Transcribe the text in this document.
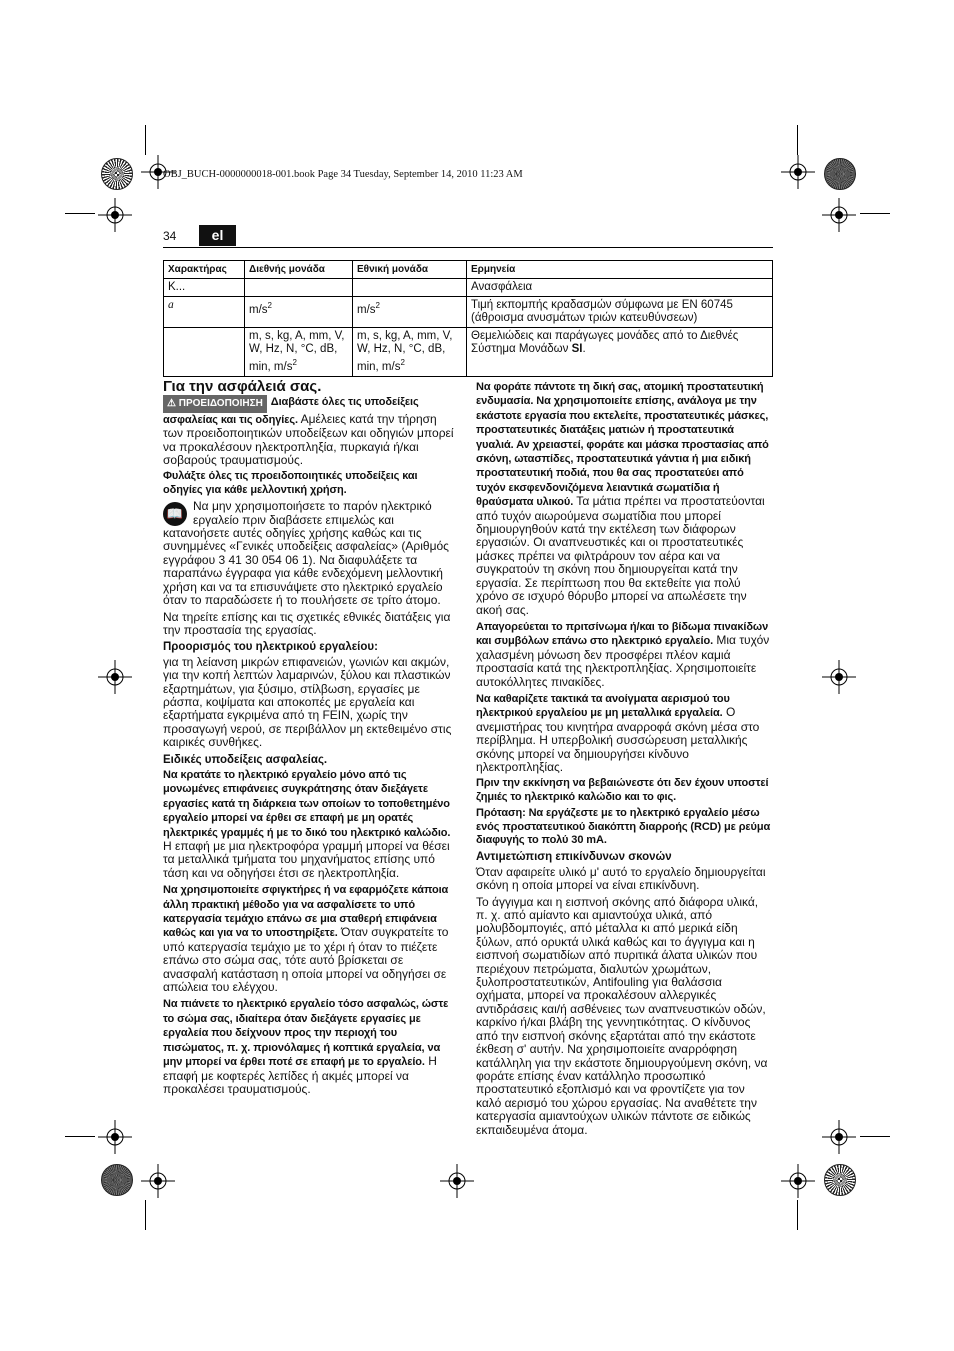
OBJ_BUCH-0000000018-001.book Page 34 Tuesday, September 14, 2010 11:23 AM
34	el
Χαρακτήρας	Διεθνής μονάδα	Εθνική μονάδα	Ερμηνεία
K...			Ανασφάλεια
a	$m/s^2$	$m/s^2$	Τιμή εκπομπής κραδασμών σύμφωνα με EN 60745 (άθροισμα ανυσμάτων τριών κατευθύνσεων)
	m, s, kg, A, mm, V, W, Hz, N, °C, dB, min, $m/s^2$	m, s, kg, A, mm, V, W, Hz, N, °C, dB, min, $m/s^2$	Θεμελιώδεις και παράγωγες μονάδες από το Διεθνές Σύστημα Μονάδων SI.
Για την ασφάλειά σας.

⚠ ΠΡΟΕΙΔΟΠΟΙΗΣΗ Διαβάστε όλες τις υποδείξεις ασφαλείας και τις οδηγίες. Αμέλειες κατά την τήρηση των προειδοποιητικών υποδείξεων και οδηγιών μπορεί να προκαλέσουν ηλεκτροπληξία, πυρκαγιά ή/και σοβαρούς τραυματισμούς.

Φυλάξτε όλες τις προειδοποιητικές υποδείξεις και οδηγίες για κάθε μελλοντική χρήση.

📖 Να μην χρησιμοποιήσετε το παρόν ηλεκτρικό εργαλείο πριν διαβάσετε επιμελώς και κατανοήσετε αυτές οδηγίες χρήσης καθώς και τις συνημμένες «Γενικές υποδείξεις ασφαλείας» (Αριθμός εγγράφου 3 41 30 054 06 1). Να διαφυλάξετε τα παραπάνω έγγραφα για κάθε ενδεχόμενη μελλοντική χρήση και να τα επισυνάψετε στο ηλεκτρικό εργαλείο όταν το παραδώσετε ή το πουλήσετε σε τρίτο άτομο.

Να τηρείτε επίσης και τις σχετικές εθνικές διατάξεις για την προστασία της εργασίας.

Προορισμός του ηλεκτρικού εργαλείου:

για τη λείανση μικρών επιφανειών, γωνιών και ακμών, για την κοπή λεπτών λαμαρινών, ξύλου και πλαστικών εξαρτημάτων, για ξύσιμο, στίλβωση, εργασίες με ράσπα, κοψίματα και αποκοπές με εργαλεία και εξαρτήματα εγκριμένα από τη FEIN, χωρίς την προσαγωγή νερού, σε περιβάλλον μη εκτεθειμένο στις καιρικές συνθήκες.

Ειδικές υποδείξεις ασφαλείας.

Να κρατάτε το ηλεκτρικό εργαλείο μόνο από τις μονωμένες επιφάνειες συγκράτησης όταν διεξάγετε εργασίες κατά τη διάρκεια των οποίων το τοποθετημένο εργαλείο μπορεί να έρθει σε επαφή με μη ορατές ηλεκτρικές γραμμές ή με το δικό του ηλεκτρικό καλώδιο. Η επαφή με μια ηλεκτροφόρα γραμμή μπορεί να θέσει τα μεταλλικά τμήματα του μηχανήματος επίσης υπό τάση και να οδηγήσει έτσι σε ηλεκτροπληξία.

Να χρησιμοποιείτε σφιγκτήρες ή να εφαρμόζετε κάποια άλλη πρακτική μέθοδο για να ασφαλίσετε το υπό κατεργασία τεμάχιο επάνω σε μια σταθερή επιφάνεια καθώς και για να το υποστηρίξετε. Όταν συγκρατείτε το υπό κατεργασία τεμάχιο με το χέρι ή όταν το πιέζετε επάνω στο σώμα σας, τότε αυτό βρίσκεται σε ανασφαλή κατάσταση η οποία μπορεί να οδηγήσει σε απώλεια του ελέγχου.

Να πιάνετε το ηλεκτρικό εργαλείο τόσο ασφαλώς, ώστε το σώμα σας, ιδιαίτερα όταν διεξάγετε εργασίες με εργαλεία που δείχνουν προς την περιοχή του πισώματος, π. χ. πριονόλαμες ή κοπτικά εργαλεία, να μην μπορεί να έρθει ποτέ σε επαφή με το εργαλείο. Η επαφή με κοφτερές λεπίδες ή ακμές μπορεί να προκαλέσει τραυματισμούς.

Να φοράτε πάντοτε τη δική σας, ατομική προστατευτική ενδυμασία. Να χρησιμοποιείτε επίσης, ανάλογα με την εκάστοτε εργασία που εκτελείτε, προστατευτικές μάσκες, προστατευτικές διατάξεις ματιών ή προστατευτικά γυαλιά. Αν χρειαστεί, φοράτε και μάσκα προστασίας από σκόνη, ωτασπίδες, προστατευτικά γάντια ή μια ειδική προστατευτική ποδιά, που θα σας προστατεύει από τυχόν εκσφενδονιζόμενα λειαντικά σωματίδια ή θραύσματα υλικού. Τα μάτια πρέπει να προστατεύονται από τυχόν αιωρούμενα σωματίδια που μπορεί δημιουργηθούν κατά την εκτέλεση των διάφορων εργασιών. Οι αναπνευστικές και οι προστατευτικές μάσκες πρέπει να φιλτράρουν τον αέρα και να συγκρατούν τη σκόνη που δημιουργείται κατά την εργασία. Σε περίπτωση που θα εκτεθείτε για πολύ χρόνο σε ισχυρό θόρυβο μπορεί να απωλέσετε την ακοή σας.

Απαγορεύεται το πριτσίνωμα ή/και το βίδωμα πινακίδων και συμβόλων επάνω στο ηλεκτρικό εργαλείο. Μια τυχόν χαλασμένη μόνωση δεν προσφέρει πλέον καμιά προστασία κατά της ηλεκτροπληξίας. Χρησιμοποιείτε αυτοκόλλητες πινακίδες.

Να καθαρίζετε τακτικά τα ανοίγματα αερισμού του ηλεκτρικού εργαλείου με μη μεταλλικά εργαλεία. Ο ανεμιστήρας του κινητήρα αναρροφά σκόνη μέσα στο περίβλημα. Η υπερβολική συσσώρευση μεταλλικής σκόνης μπορεί να δημιουργήσει κίνδυνο ηλεκτροπληξίας.

Πριν την εκκίνηση να βεβαιώνεστε ότι δεν έχουν υποστεί ζημιές το ηλεκτρικό καλώδιο και το φις.

Πρόταση: Να εργάζεστε με το ηλεκτρικό εργαλείο μέσω ενός προστατευτικού διακόπτη διαρροής (RCD) με ρεύμα διαφυγής το πολύ 30 mA.

Αντιμετώπιση επικίνδυνων σκονών

Όταν αφαιρείτε υλικό μ' αυτό το εργαλείο δημιουργείται σκόνη η οποία μπορεί να είναι επικίνδυνη.

Το άγγιγμα και η εισπνοή σκόνης από διάφορα υλικά, π. χ. από αμίαντο και αμιαντούχα υλικά, από μολυβδομπογιές, από μέταλλα κι από μερικά είδη ξύλων, από ορυκτά υλικά καθώς και το άγγιγμα και η εισπνοή σωματιδίων από πυριτικά άλατα υλικών που περιέχουν πετρώματα, διαλυτών χρωμάτων, ξυλοπροστατευτικών, Antifouling για θαλάσσια οχήματα, μπορεί να προκαλέσουν αλλεργικές αντιδράσεις και/ή ασθένειες των αναπνευστικών οδών, καρκίνο ή/και βλάβη της γεννητικότητας. Ο κίνδυνος από την εισπνοή σκόνης εξαρτάται από την εκάστοτε έκθεση σ' αυτήν. Να χρησιμοποιείτε αναρρόφηση κατάλληλη για την εκάστοτε δημιουργούμενη σκόνη, να φοράτε επίσης έναν κατάλληλο προσωπικό προστατευτικό εξοπλισμό και να φροντίζετε για τον καλό αερισμό του χώρου εργασίας. Να αναθέτετε την κατεργασία αμιαντούχων υλικών πάντοτε σε ειδικώς εκπαιδευμένα άτομα.
